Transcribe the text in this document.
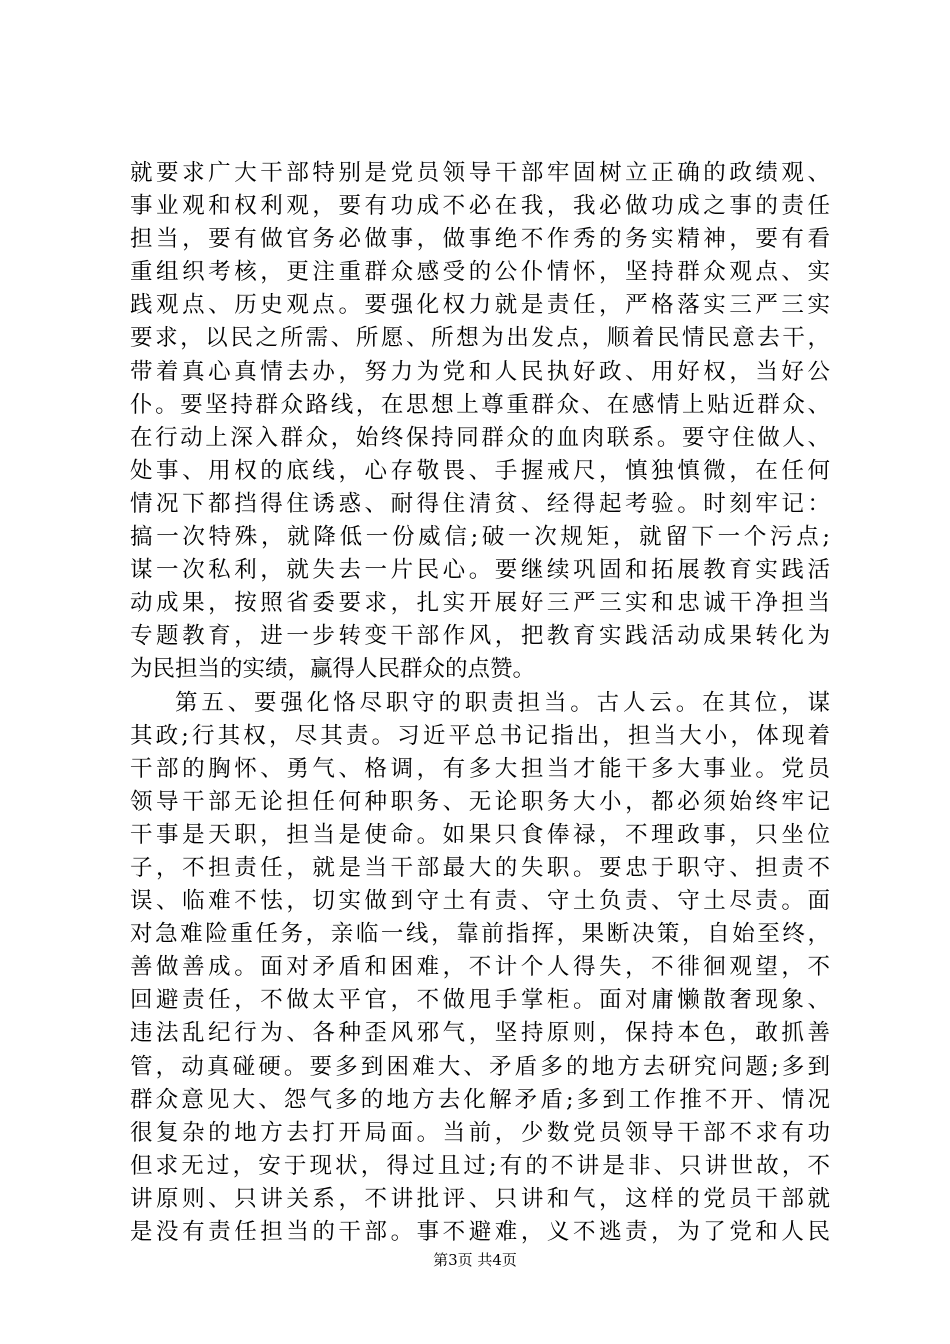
就要求广大干部特别是党员领导干部牢固树立正确的政绩观、
事业观和权利观，要有功成不必在我，我必做功成之事的责任
担当，要有做官务必做事，做事绝不作秀的务实精神，要有看
重组织考核，更注重群众感受的公仆情怀，坚持群众观点、实
践观点、历史观点。要强化权力就是责任，严格落实三严三实
要求，以民之所需、所愿、所想为出发点，顺着民情民意去干，
带着真心真情去办，努力为党和人民执好政、用好权，当好公
仆。要坚持群众路线，在思想上尊重群众、在感情上贴近群众、
在行动上深入群众，始终保持同群众的血肉联系。要守住做人、
处事、用权的底线，心存敬畏、手握戒尺，慎独慎微，在任何
情况下都挡得住诱惑、耐得住清贫、经得起考验。时刻牢记：
搞一次特殊，就降低一份威信;破一次规矩，就留下一个污点;
谋一次私利，就失去一片民心。要继续巩固和拓展教育实践活
动成果，按照省委要求，扎实开展好三严三实和忠诚干净担当
专题教育，进一步转变干部作风，把教育实践活动成果转化为
为民担当的实绩，赢得人民群众的点赞。
第五、要强化恪尽职守的职责担当。古人云。在其位，谋
其政;行其权，尽其责。习近平总书记指出，担当大小，体现着
干部的胸怀、勇气、格调，有多大担当才能干多大事业。党员
领导干部无论担任何种职务、无论职务大小，都必须始终牢记
干事是天职，担当是使命。如果只食俸禄，不理政事，只坐位
子，不担责任，就是当干部最大的失职。要忠于职守、担责不
误、临难不怯，切实做到守土有责、守土负责、守土尽责。面
对急难险重任务，亲临一线，靠前指挥，果断决策，自始至终，
善做善成。面对矛盾和困难，不计个人得失，不徘徊观望，不
回避责任，不做太平官，不做甩手掌柜。面对庸懒散奢现象、
违法乱纪行为、各种歪风邪气，坚持原则，保持本色，敢抓善
管，动真碰硬。要多到困难大、矛盾多的地方去研究问题;多到
群众意见大、怨气多的地方去化解矛盾;多到工作推不开、情况
很复杂的地方去打开局面。当前，少数党员领导干部不求有功
但求无过，安于现状，得过且过;有的不讲是非、只讲世故，不
讲原则、只讲关系，不讲批评、只讲和气，这样的党员干部就
是没有责任担当的干部。事不避难，义不逃责，为了党和人民
第3页 共4页
